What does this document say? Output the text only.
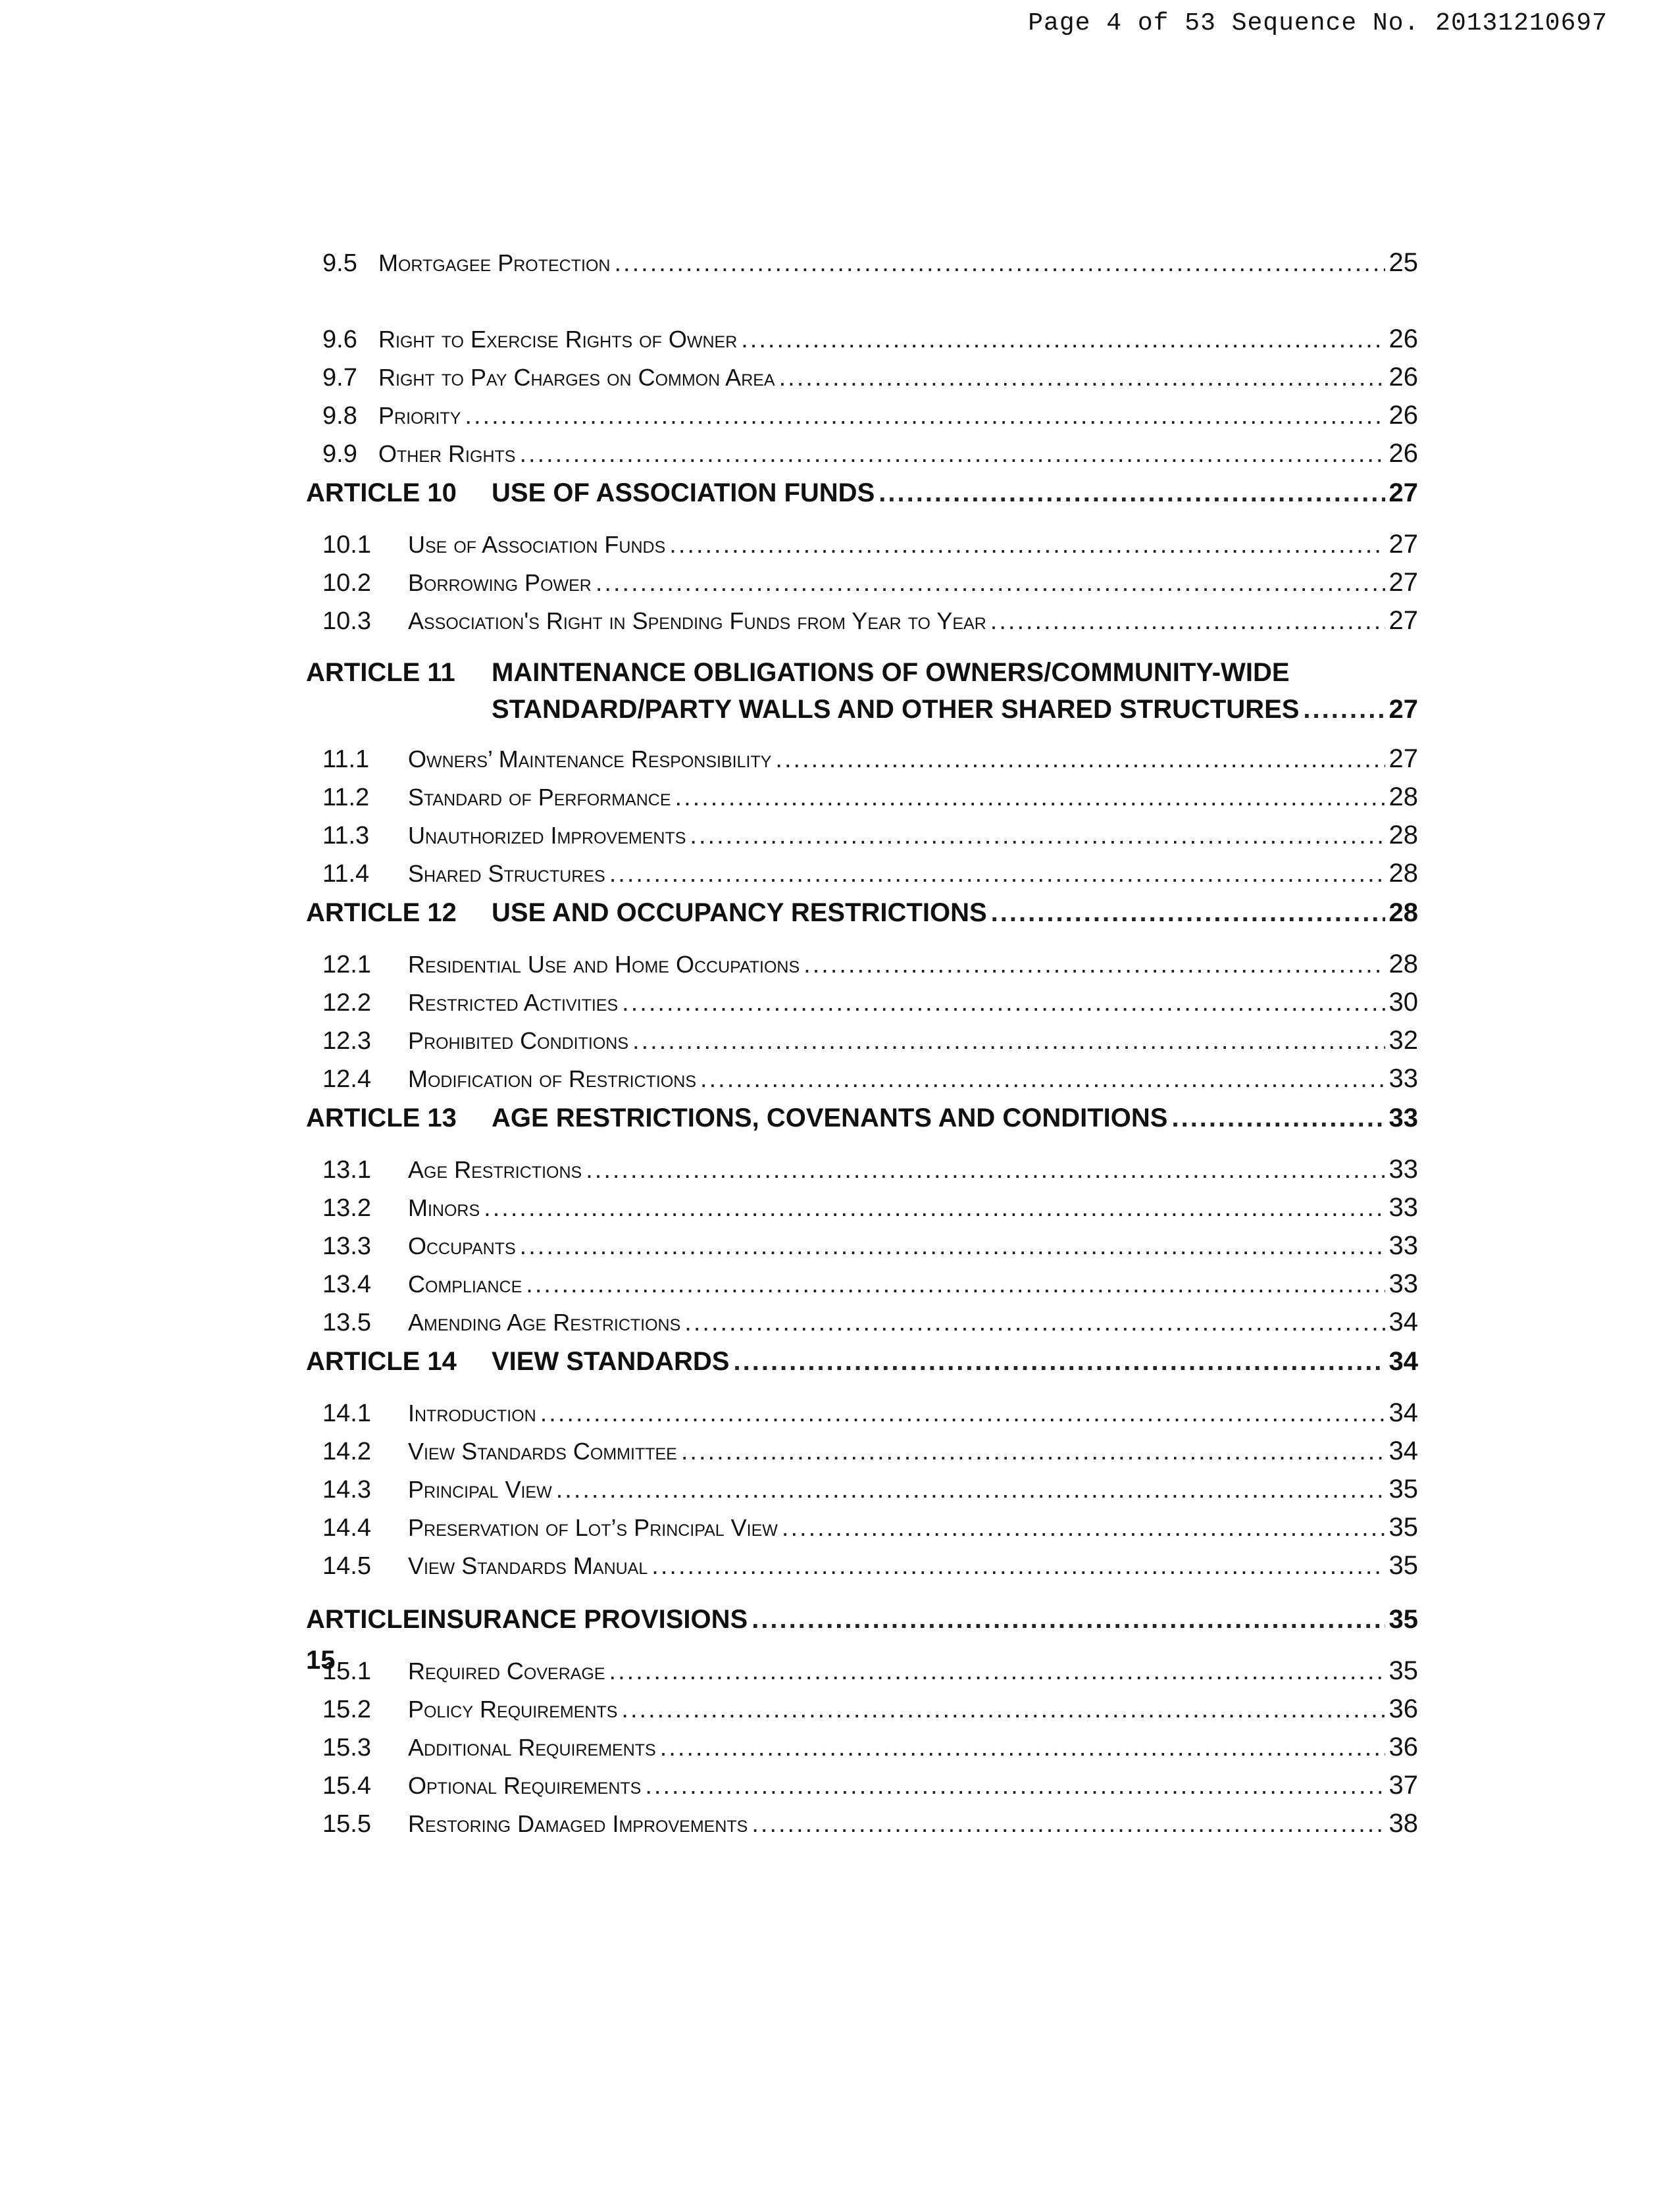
Page 4 of 53 Sequence No. 20131210697
9.5 Mortgagee Protection .....	25
9.6 Right to Exercise Rights of Owner .....	26
9.7 Right to Pay Charges on Common Area .....	26
9.8 Priority .....	26
9.9 Other Rights .....	26
ARTICLE 10	USE OF ASSOCIATION FUNDS .....	27
10.1	Use of Association Funds .....	27
10.2	Borrowing Power .....	27
10.3	Association's Right in Spending Funds from Year to Year .....	27
ARTICLE 11	MAINTENANCE OBLIGATIONS OF OWNERS/COMMUNITY-WIDE
STANDARD/PARTY WALLS AND OTHER SHARED STRUCTURES .....	27
11.1	Owners’ Maintenance Responsibility .....	27
11.2	Standard of Performance .....	28
11.3	Unauthorized Improvements .....	28
11.4	Shared Structures .....	28
ARTICLE 12	USE AND OCCUPANCY RESTRICTIONS .....	28
12.1	Residential Use and Home Occupations .....	28
12.2	Restricted Activities .....	30
12.3	Prohibited Conditions .....	32
12.4	Modification of Restrictions .....	33
ARTICLE 13	AGE RESTRICTIONS, COVENANTS AND CONDITIONS .....	33
13.1	Age Restrictions .....	33
13.2	Minors .....	33
13.3	Occupants .....	33
13.4	Compliance .....	33
13.5	Amending Age Restrictions .....	34
ARTICLE 14	VIEW STANDARDS .....	34
14.1	Introduction .....	34
14.2	View Standards Committee .....	34
14.3	Principal View .....	35
14.4	Preservation of Lot’s Principal View .....	35
14.5	View Standards Manual .....	35
ARTICLE 15
INSURANCE PROVISIONS .....	35
15.1	Required Coverage .....	35
15.2	Policy Requirements .....	36
15.3	Additional Requirements .....	36
15.4	Optional Requirements .....	37
15.5	Restoring Damaged Improvements .....	38
